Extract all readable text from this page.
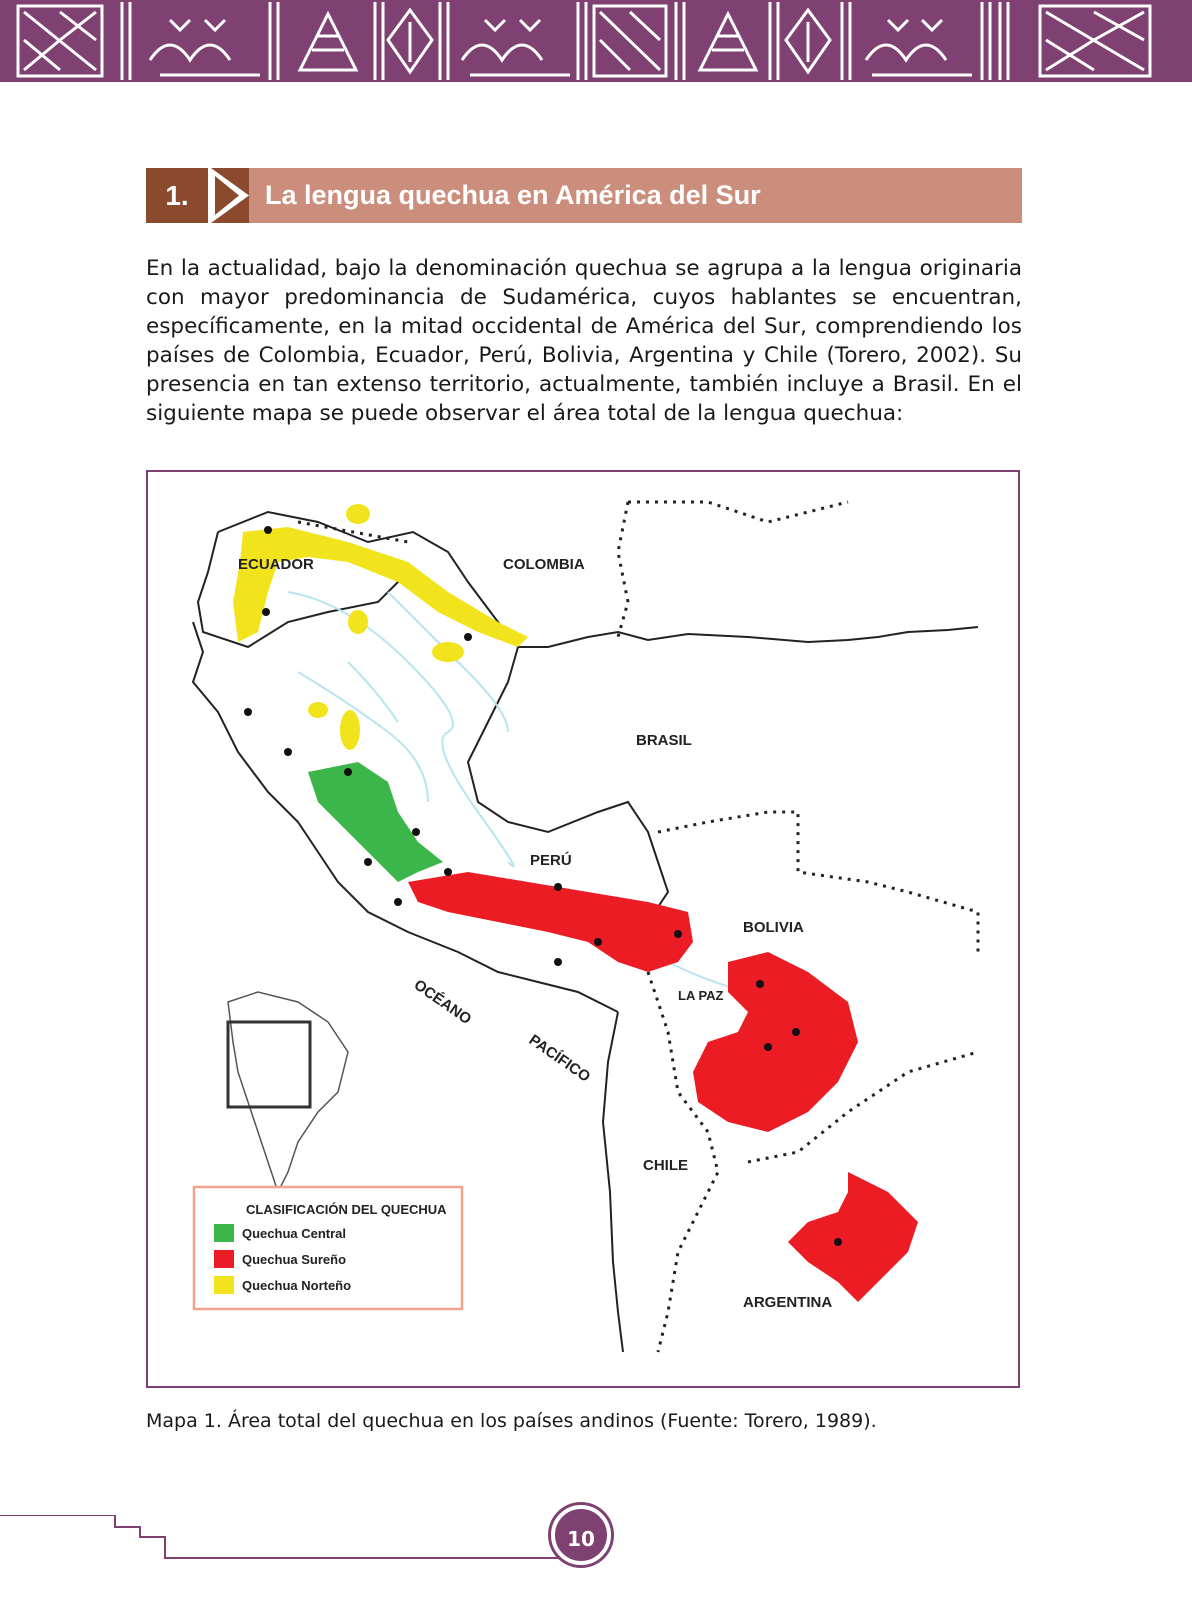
1.	La lengua quechua en América del Sur

En la actualidad, bajo la denominación quechua se agrupa a la lengua originaria con mayor predominancia de Sudamérica, cuyos hablantes se encuentran, específicamente, en la mitad occidental de América del Sur, comprendiendo los países de Colombia, Ecuador, Perú, Bolivia, Argentina y Chile (Torero, 2002). Su presencia en tan extenso territorio, actualmente, también incluye a Brasil. En el siguiente mapa se puede observar el área total de la lengua quechua:

ECUADOR	COLOMBIA
BRASIL
PERÚ
BOLIVIA
CHILE
ARGENTINA
LA PAZ
OCÉANO
PACÍFICO
CLASIFICACIÓN DEL QUECHUA
Quechua Central
Quechua Sureño
Quechua Norteño

Mapa 1. Área total del quechua en los países andinos (Fuente: Torero, 1989).

10
